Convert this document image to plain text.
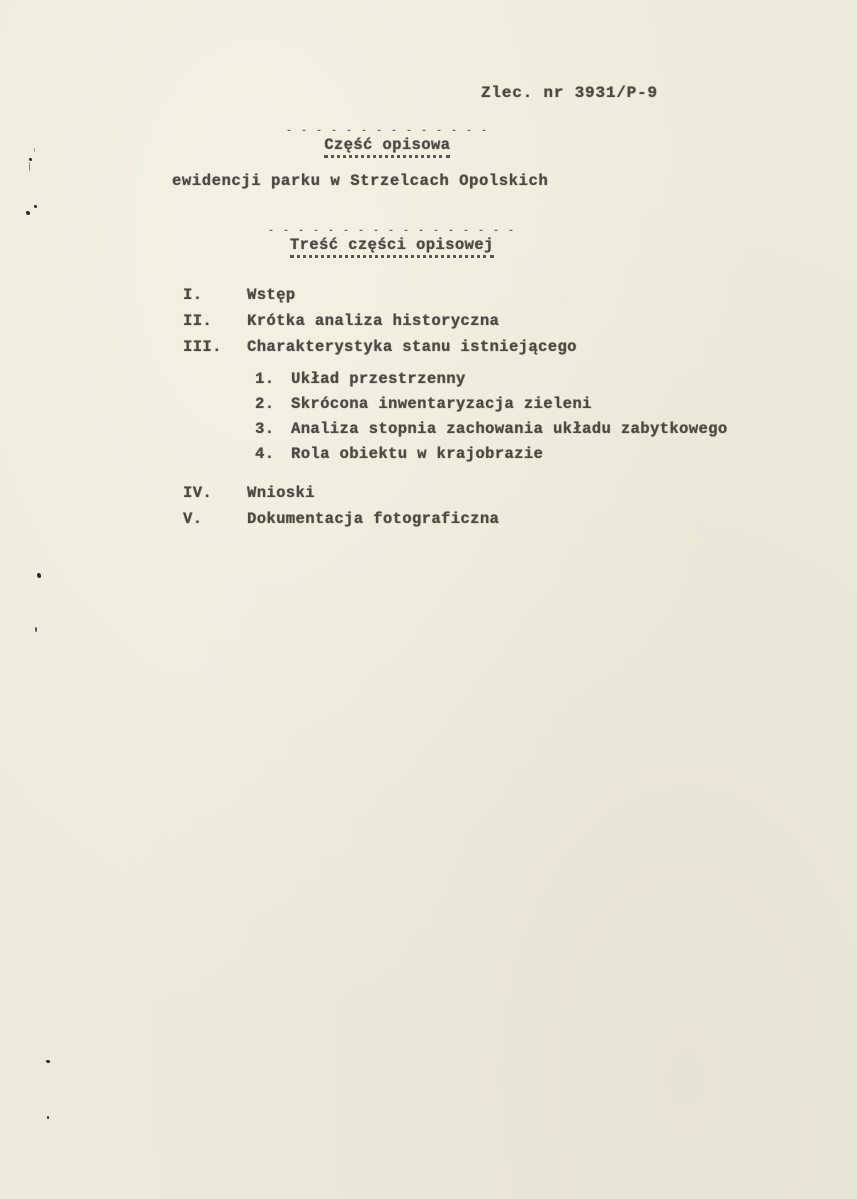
Zlec. nr 3931/P-9
- - - - - - - - - - - - - -
Część opisowa
ewidencji parku w Strzelcach Opolskich
- - - - - - - - - - - - - - - - -
Treść części opisowej
I.	Wstęp
II. Krótka analiza historyczna
III. Charakterystyka stanu istniejącego
1. Układ przestrzenny
2. Skrócona inwentaryzacja zieleni
3. Analiza stopnia zachowania układu zabytkowego
4. Rola obiektu w krajobrazie
IV. Wnioski
V.	Dokumentacja fotograficzna
